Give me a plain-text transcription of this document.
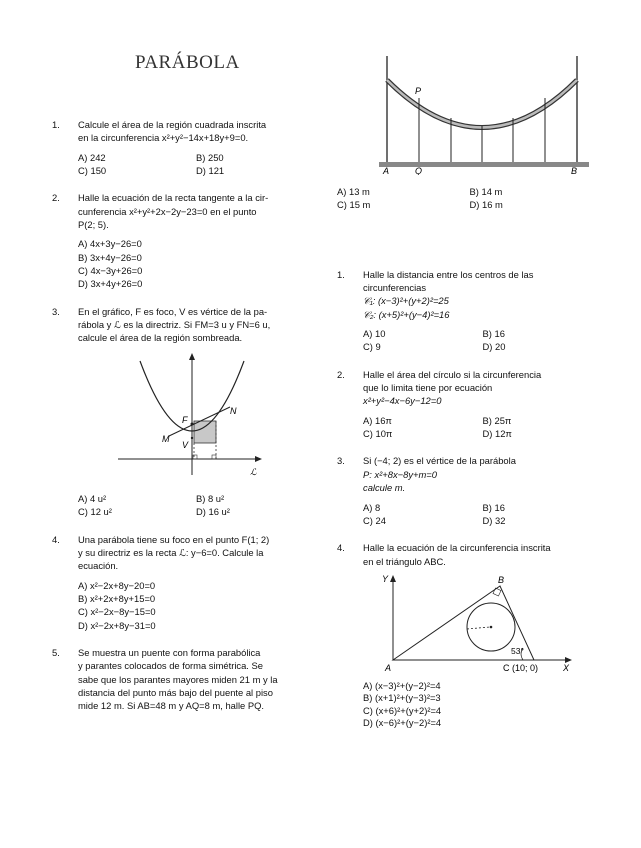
PARÁBOLA
1. Calcule el área de la región cuadrada inscrita
en la circunferencia x²+y²−14x+18y+9=0.
A) 242	B) 250
C) 150	D) 121
2. Halle la ecuación de la recta tangente a la cir-
cunferencia x²+y²+2x−2y−23=0 en el punto
P(2; 5).
A) 4x+3y−26=0
B) 3x+4y−26=0
C) 4x−3y+26=0
D) 3x+4y+26=0
3. En el gráfico, F es foco, V es vértice de la pa-
rábola y ℒ es la directriz. Si FM=3 u y FN=6 u,
calcule el área de la región sombreada.
F
N
M
V
ℒ
A) 4 u²	B) 8 u²
C) 12 u²	D) 16 u²
4. Una parábola tiene su foco en el punto F(1; 2)
y su directriz es la recta ℒ: y−6=0. Calcule la
ecuación.
A) x²−2x+8y−20=0
B) x²+2x+8y+15=0
C) x²−2x−8y−15=0
D) x²−2x+8y−31=0
5. Se muestra un puente con forma parabólica
y parantes colocados de forma simétrica. Se
sabe que los parantes mayores miden 21 m y la
distancia del punto más bajo del puente al piso
mide 12 m. Si AB=48 m y AQ=8 m, halle PQ.
P
A	Q	B
A) 13 m	B) 14 m
C) 15 m	D) 16 m
1. Halle la distancia entre los centros de las
circunferencias
𝒞₁: (x−3)²+(y+2)²=25
𝒞₂: (x+5)²+(y−4)²=16
A) 10	B) 16
C) 9	D) 20
2. Halle el área del círculo si la circunferencia
que lo limita tiene por ecuación
x²+y²−4x−6y−12=0
A) 16π	B) 25π
C) 10π	D) 12π
3. Si (−4; 2) es el vértice de la parábola
P: x²+8x−8y+m=0
calcule m.
A) 8	B) 16
C) 24	D) 32
4. Halle la ecuación de la circunferencia inscrita
en el triángulo ABC.
Y	B
A	C (10; 0)	X
53°
A) (x−3)²+(y−2)²=4
B) (x+1)²+(y−3)²=3
C) (x+6)²+(y+2)²=4
D) (x−6)²+(y−2)²=4
